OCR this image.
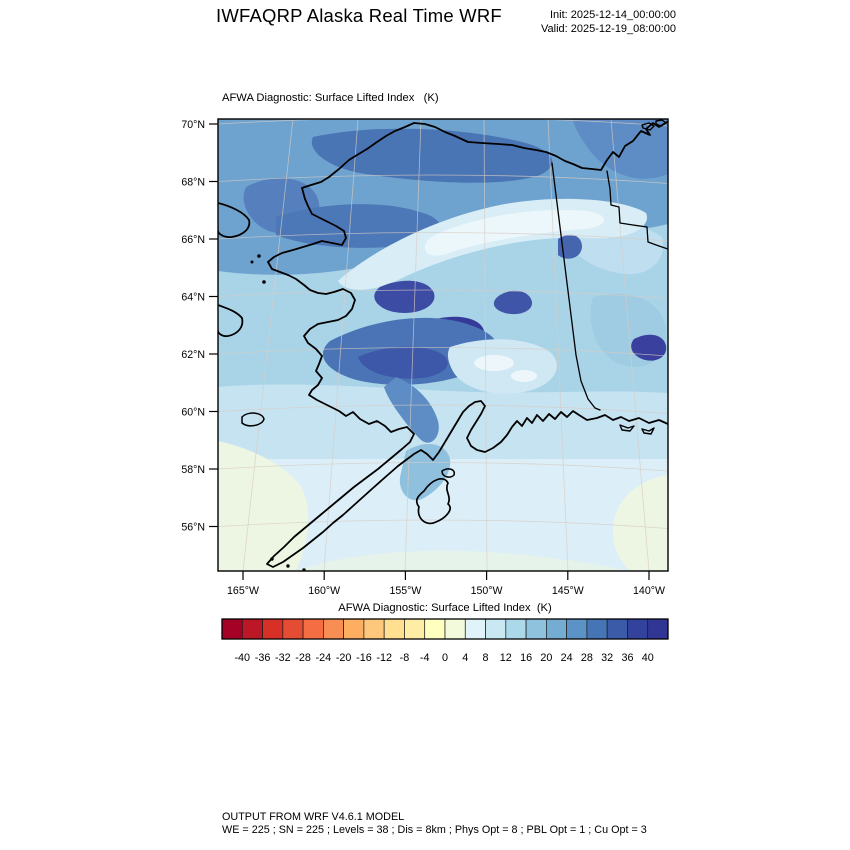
IWFAQRP Alaska Real Time WRF	Init: 2025-12-14_00:00:00
Valid: 2025-12-19_08:00:00
AFWA Diagnostic: Surface Lifted Index   (K)
70°N
68°N
66°N
64°N
62°N
60°N
58°N
56°N
165°W	160°W	155°W	150°W	145°W	140°W
AFWA Diagnostic: Surface Lifted Index  (K)
-40 -36 -32 -28 -24 -20 -16 -12 -8 -4 0 4 8 12 16 20 24 28 32 36 40
OUTPUT FROM WRF V4.6.1 MODEL
WE = 225 ; SN = 225 ; Levels = 38 ; Dis = 8km ; Phys Opt = 8 ; PBL Opt = 1 ; Cu Opt = 3
